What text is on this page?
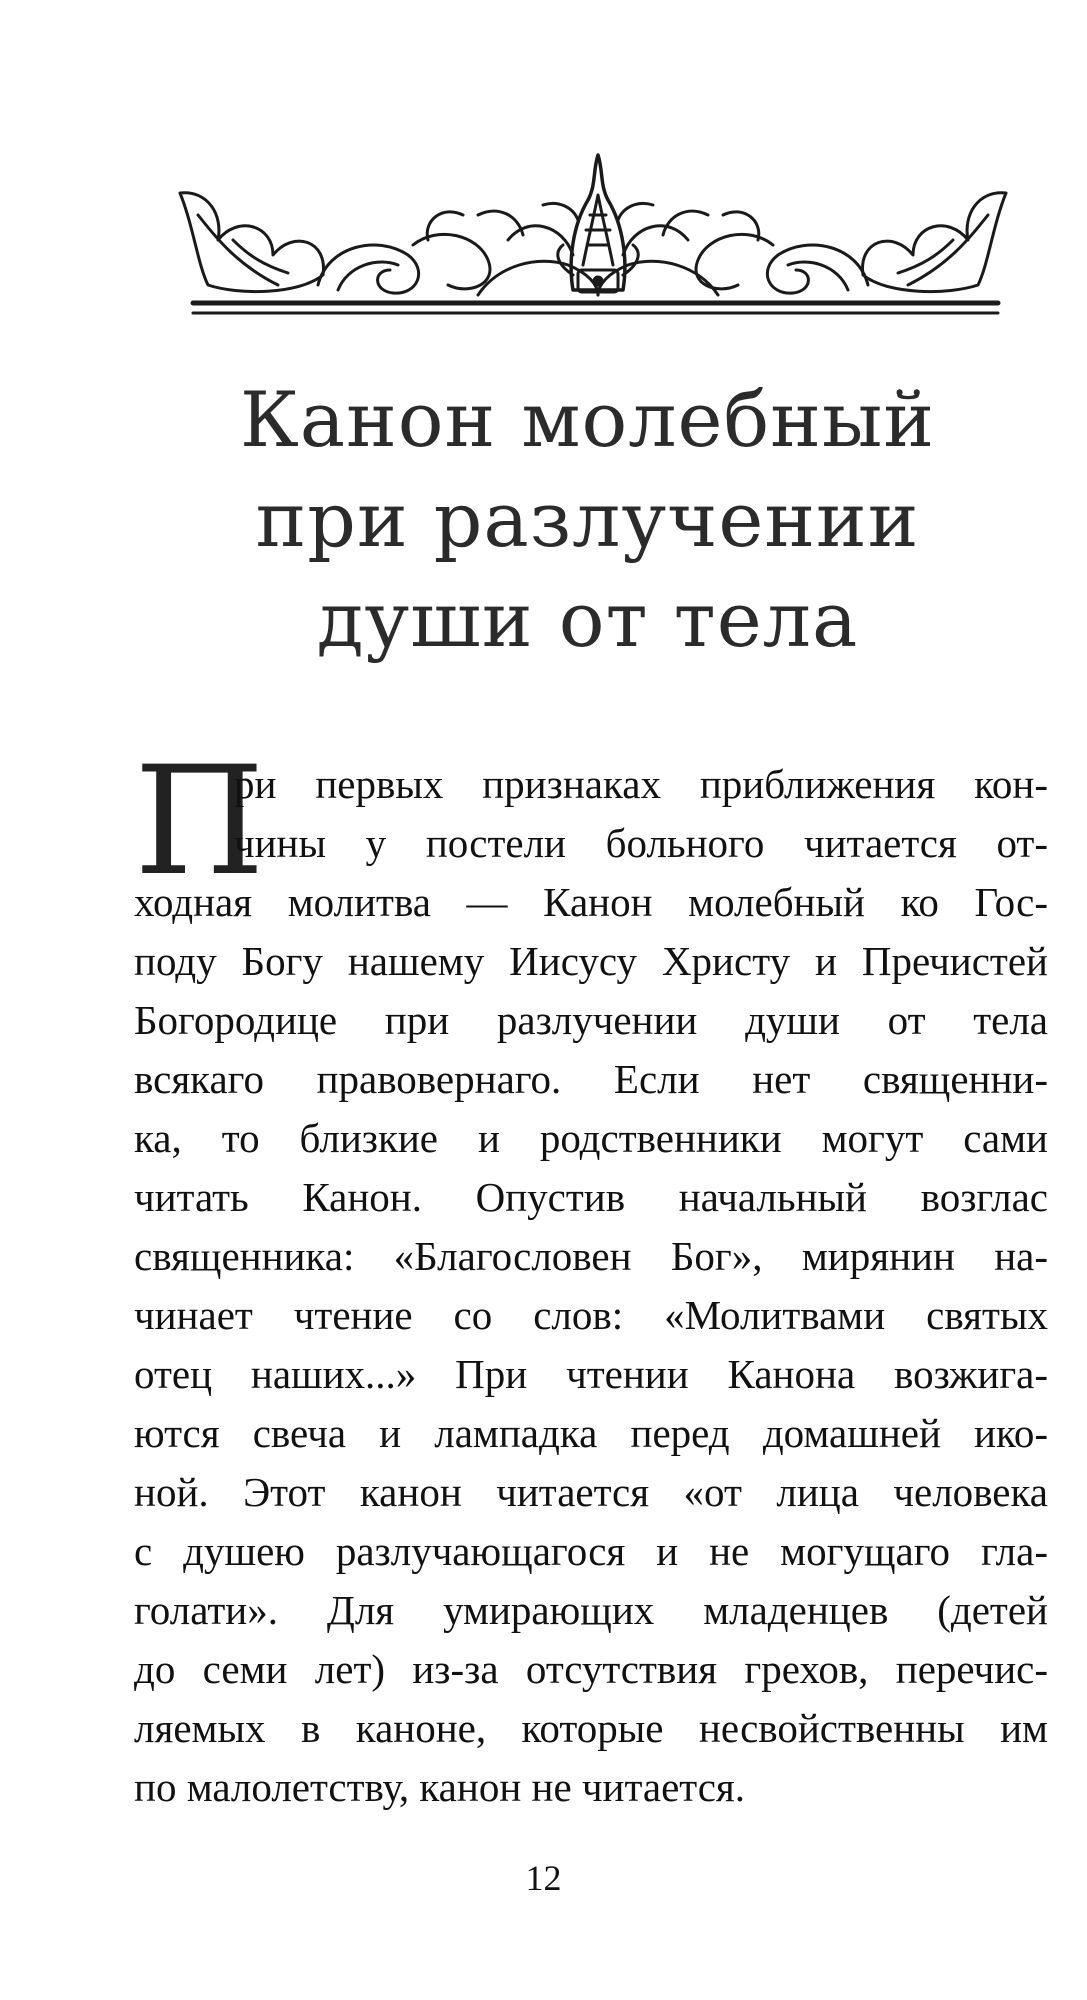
Канон молебный
при разлучении
души от тела
П
ри первых признаках приближения кон-
чины у постели больного читается от-
ходная молитва — Канон молебный ко Гос-
поду Богу нашему Иисусу Христу и Пречистей
Богородице при разлучении души от тела
всякаго правовернаго. Если нет священни-
ка, то близкие и родственники могут сами
читать Канон. Опустив начальный возглас
священника: «Благословен Бог», мирянин на-
чинает чтение со слов: «Молитвами святых
отец наших...» При чтении Канона возжига-
ются свеча и лампадка перед домашней ико-
ной. Этот канон читается «от лица человека
с душею разлучающагося и не могущаго гла-
голати». Для умирающих младенцев (детей
до семи лет) из-за отсутствия грехов, перечис-
ляемых в каноне, которые несвойственны им
по малолетству, канон не читается.
12
